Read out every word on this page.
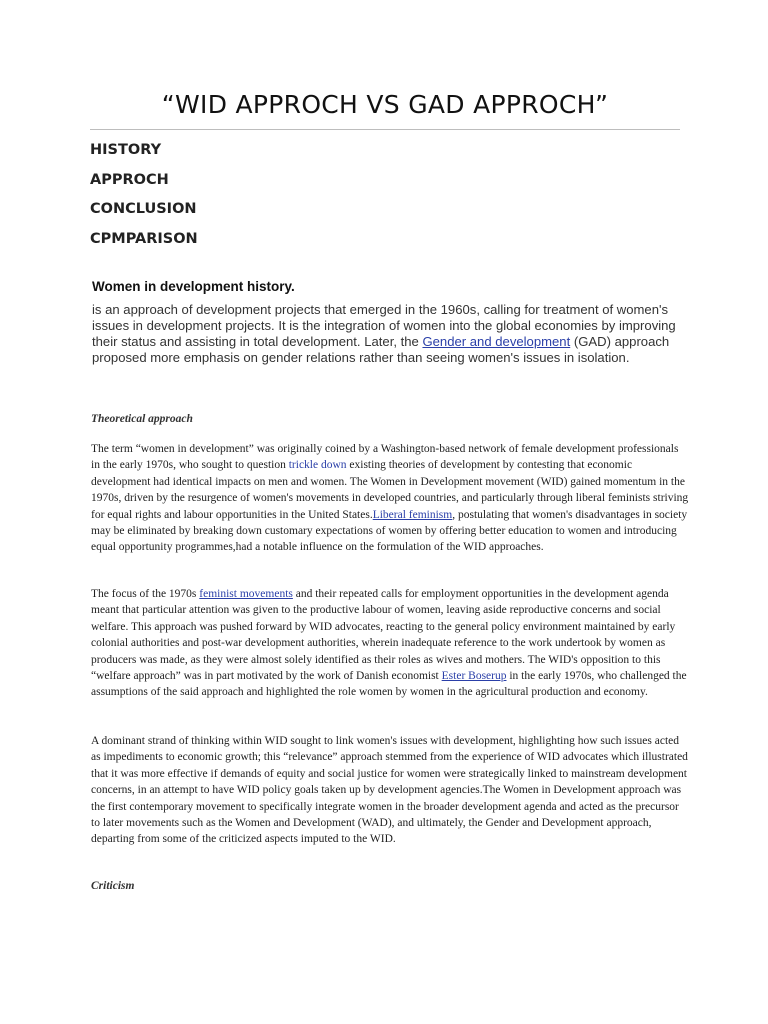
“WID APPROCH VS GAD APPROCH”
HISTORY
APPROCH
CONCLUSION
CPMPARISON
Women in development history.

is an approach of development projects that emerged in the 1960s, calling for treatment of women's issues in development projects. It is the integration of women into the global economies by improving their status and assisting in total development. Later, the Gender and development (GAD) approach proposed more emphasis on gender relations rather than seeing women's issues in isolation.

Theoretical approach

The term “women in development” was originally coined by a Washington-based network of female development professionals in the early 1970s, who sought to question trickle down existing theories of development by contesting that economic development had identical impacts on men and women. The Women in Development movement (WID) gained momentum in the 1970s, driven by the resurgence of women's movements in developed countries, and particularly through liberal feminists striving for equal rights and labour opportunities in the United States.Liberal feminism, postulating that women's disadvantages in society may be eliminated by breaking down customary expectations of women by offering better education to women and introducing equal opportunity programmes,had a notable influence on the formulation of the WID approaches.

The focus of the 1970s feminist movements and their repeated calls for employment opportunities in the development agenda meant that particular attention was given to the productive labour of women, leaving aside reproductive concerns and social welfare. This approach was pushed forward by WID advocates, reacting to the general policy environment maintained by early colonial authorities and post-war development authorities, wherein inadequate reference to the work undertook by women as producers was made, as they were almost solely identified as their roles as wives and mothers. The WID's opposition to this “welfare approach” was in part motivated by the work of Danish economist Ester Boserup in the early 1970s, who challenged the assumptions of the said approach and highlighted the role women by women in the agricultural production and economy.

A dominant strand of thinking within WID sought to link women's issues with development, highlighting how such issues acted as impediments to economic growth; this “relevance” approach stemmed from the experience of WID advocates which illustrated that it was more effective if demands of equity and social justice for women were strategically linked to mainstream development concerns, in an attempt to have WID policy goals taken up by development agencies.The Women in Development approach was the first contemporary movement to specifically integrate women in the broader development agenda and acted as the precursor to later movements such as the Women and Development (WAD), and ultimately, the Gender and Development approach, departing from some of the criticized aspects imputed to the WID.

Criticism
